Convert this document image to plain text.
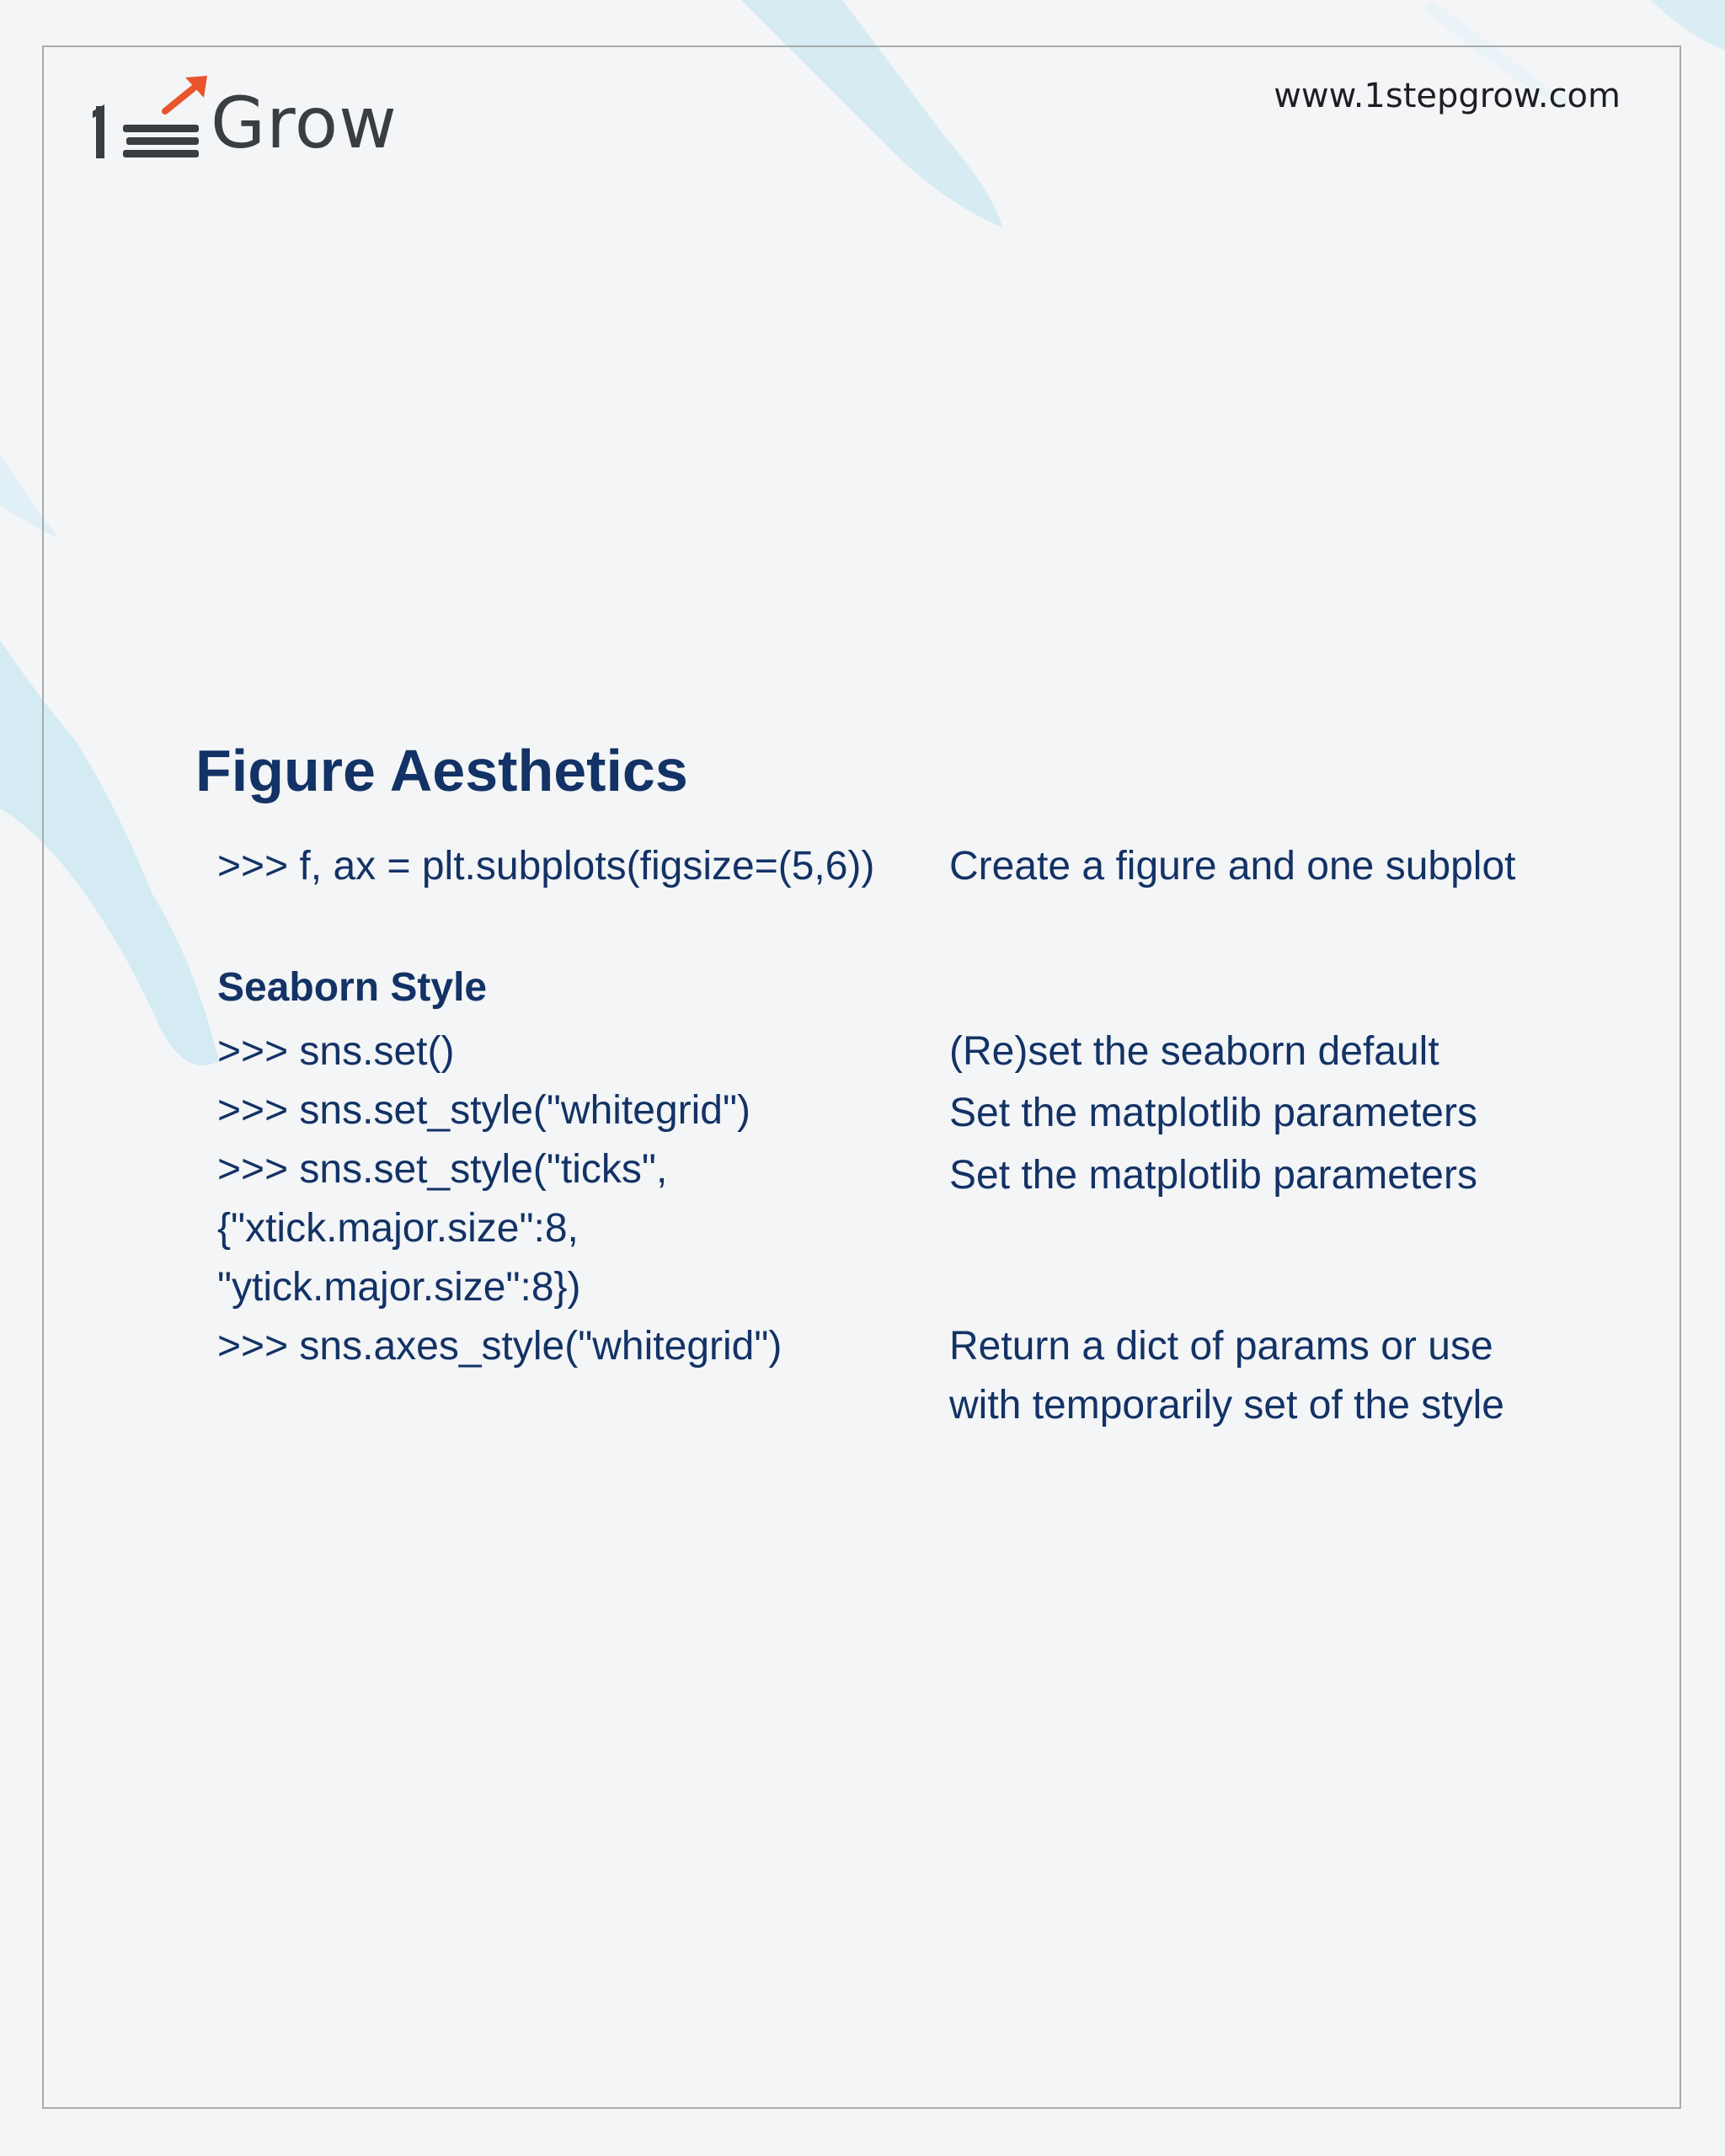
Grow	www.1stepgrow.com
Figure Aesthetics
>>> f, ax = plt.subplots(figsize=(5,6)) Create a figure and one subplot
Seaborn Style
>>> sns.set()
>>> sns.set_style("whitegrid")
>>> sns.set_style("ticks",
{"xtick.major.size":8,
"ytick.major.size":8})
>>> sns.axes_style("whitegrid")
(Re)set the seaborn default
Set the matplotlib parameters
Set the matplotlib parameters
Return a dict of params or use
with temporarily set of the style
